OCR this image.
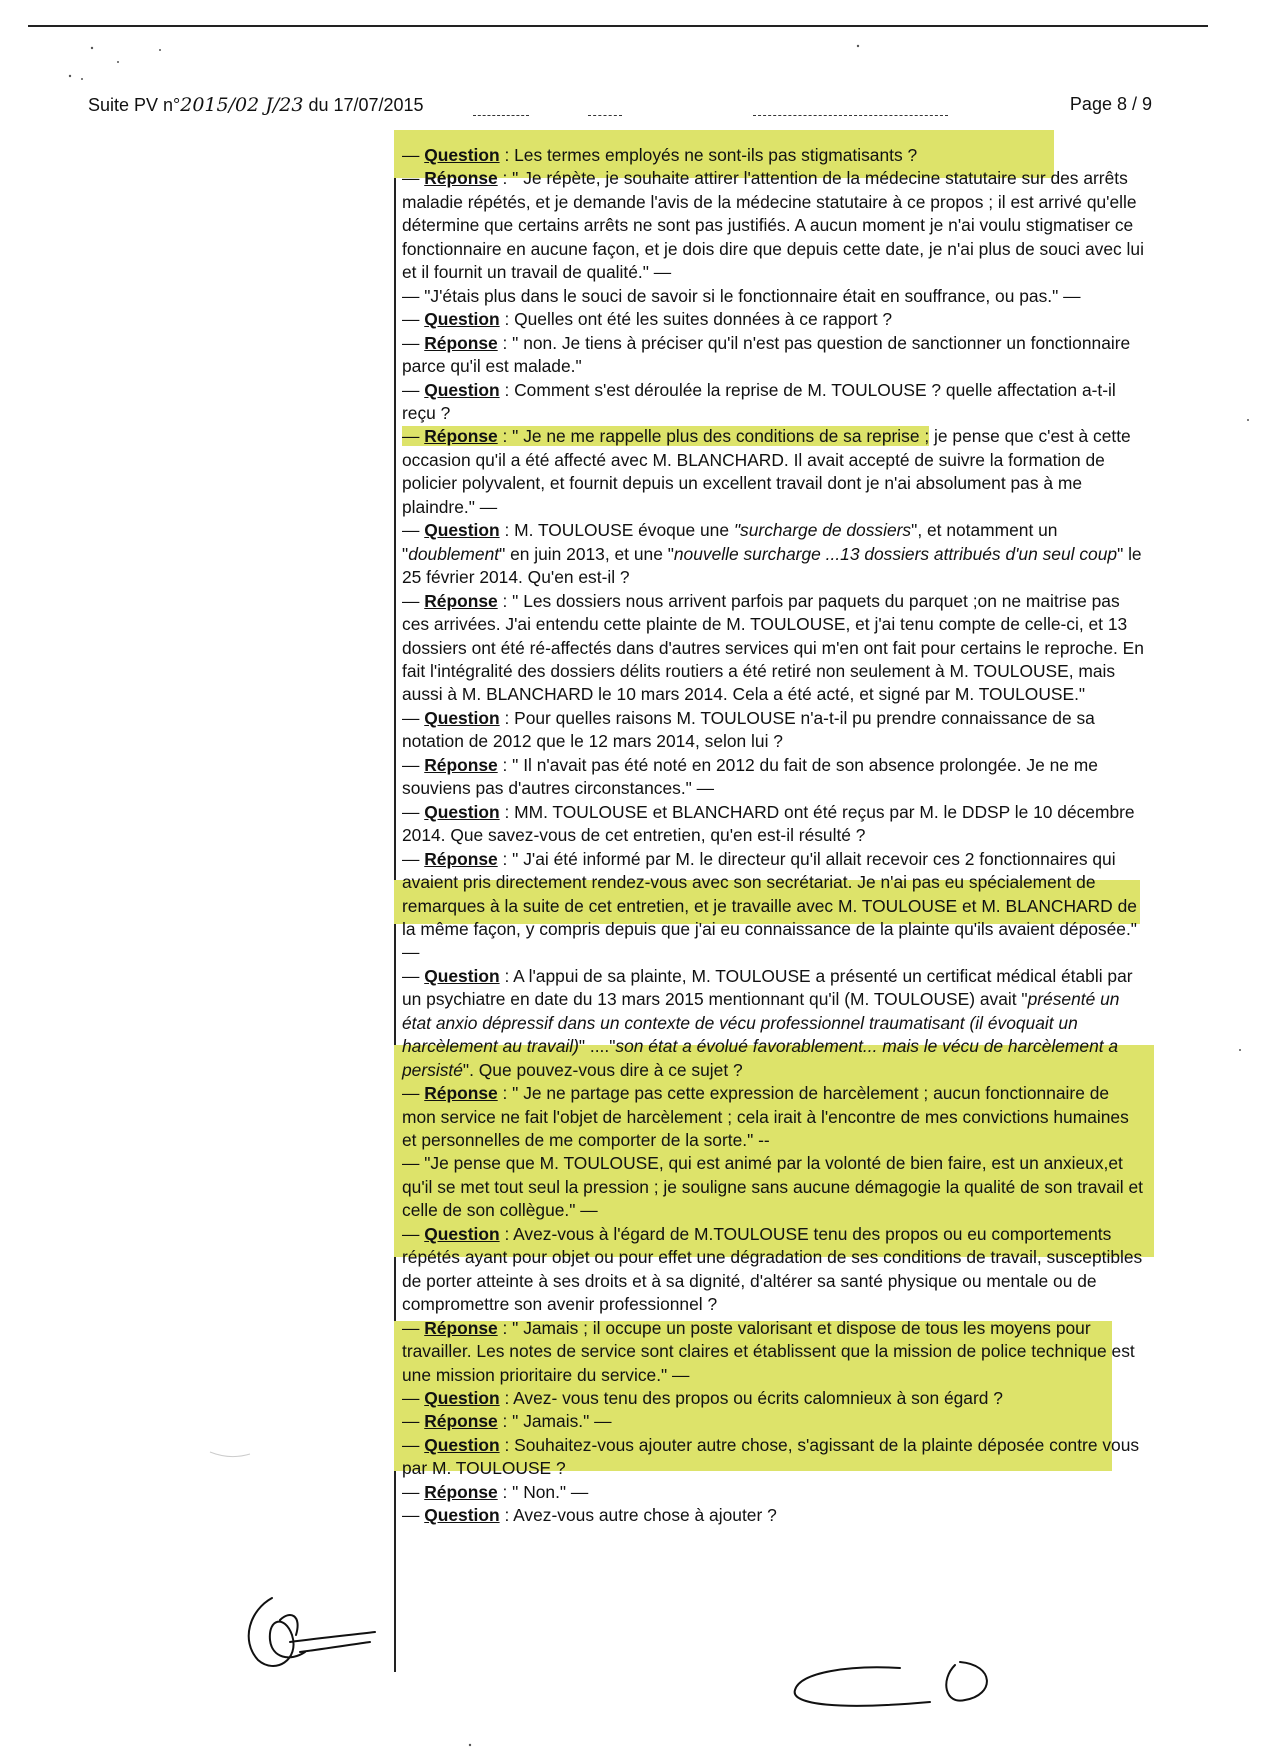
Suite PV n°2015/02 J/23 du 17/07/2015	Page 8 / 9

— Question : Les termes employés ne sont-ils pas stigmatisants ?

— Réponse : " Je répète, je souhaite attirer l'attention de la médecine statutaire sur des arrêts maladie répétés, et je demande l'avis de la médecine statutaire à ce propos ; il est arrivé qu'elle détermine que certains arrêts ne sont pas justifiés. A aucun moment je n'ai voulu stigmatiser ce fonctionnaire en aucune façon, et je dois dire que depuis cette date, je n'ai plus de souci avec lui et il fournit un travail de qualité." —

— "J'étais plus dans le souci de savoir si le fonctionnaire était en souffrance, ou pas." —

— Question : Quelles ont été les suites données à ce rapport ?

— Réponse : " non. Je tiens à préciser qu'il n'est pas question de sanctionner un fonctionnaire parce qu'il est malade."

— Question : Comment s'est déroulée la reprise de M. TOULOUSE ? quelle affectation a-t-il reçu ?

— Réponse : " Je ne me rappelle plus des conditions de sa reprise ; je pense que c'est à cette occasion qu'il a été affecté avec M. BLANCHARD. Il avait accepté de suivre la formation de policier polyvalent, et fournit depuis un excellent travail dont je n'ai absolument pas à me plaindre." —

— Question : M. TOULOUSE évoque une "surcharge de dossiers", et notamment un "doublement" en juin 2013, et une "nouvelle surcharge ...13 dossiers attribués d'un seul coup" le 25 février 2014. Qu'en est-il ?

— Réponse : " Les dossiers nous arrivent parfois par paquets du parquet ;on ne maitrise pas ces arrivées. J'ai entendu cette plainte de M. TOULOUSE, et j'ai tenu compte de celle-ci, et 13 dossiers ont été ré-affectés dans d'autres services qui m'en ont fait pour certains le reproche. En fait l'intégralité des dossiers délits routiers a été retiré non seulement à M. TOULOUSE, mais aussi à M. BLANCHARD le 10 mars 2014. Cela a été acté, et signé par M. TOULOUSE."

— Question : Pour quelles raisons M. TOULOUSE n'a-t-il pu prendre connaissance de sa notation de 2012 que le 12 mars 2014, selon lui ?

— Réponse : " Il n'avait pas été noté en 2012 du fait de son absence prolongée. Je ne me souviens pas d'autres circonstances." —

— Question : MM. TOULOUSE et BLANCHARD ont été reçus par M. le DDSP le 10 décembre 2014. Que savez-vous de cet entretien, qu'en est-il résulté ?

— Réponse : " J'ai été informé par M. le directeur qu'il allait recevoir ces 2 fonctionnaires qui avaient pris directement rendez-vous avec son secrétariat. Je n'ai pas eu spécialement de remarques à la suite de cet entretien, et je travaille avec M. TOULOUSE et M. BLANCHARD de la même façon, y compris depuis que j'ai eu connaissance de la plainte qu'ils avaient déposée." —

— Question : A l'appui de sa plainte, M. TOULOUSE a présenté un certificat médical établi par un psychiatre en date du 13 mars 2015 mentionnant qu'il (M. TOULOUSE) avait "présenté un état anxio dépressif dans un contexte de vécu professionnel traumatisant (il évoquait un harcèlement au travail)" ...."son état a évolué favorablement... mais le vécu de harcèlement a persisté". Que pouvez-vous dire à ce sujet ?

— Réponse : " Je ne partage pas cette expression de harcèlement ; aucun fonctionnaire de mon service ne fait l'objet de harcèlement ; cela irait à l'encontre de mes convictions humaines et personnelles de me comporter de la sorte." --

— "Je pense que M. TOULOUSE, qui est animé par la volonté de bien faire, est un anxieux,et qu'il se met tout seul la pression ; je souligne sans aucune démagogie la qualité de son travail et celle de son collègue." —

— Question : Avez-vous à l'égard de M.TOULOUSE tenu des propos ou eu comportements répétés ayant pour objet ou pour effet une dégradation de ses conditions de travail, susceptibles de porter atteinte à ses droits et à sa dignité, d'altérer sa santé physique ou mentale ou de compromettre son avenir professionnel ?

— Réponse : " Jamais ; il occupe un poste valorisant et dispose de tous les moyens pour travailler. Les notes de service sont claires et établissent que la mission de police technique est une mission prioritaire du service." —

— Question : Avez- vous tenu des propos ou écrits calomnieux à son égard ?

— Réponse : " Jamais." —

— Question : Souhaitez-vous ajouter autre chose, s'agissant de la plainte déposée contre vous par M. TOULOUSE ?

— Réponse : " Non." —

— Question : Avez-vous autre chose à ajouter ?
